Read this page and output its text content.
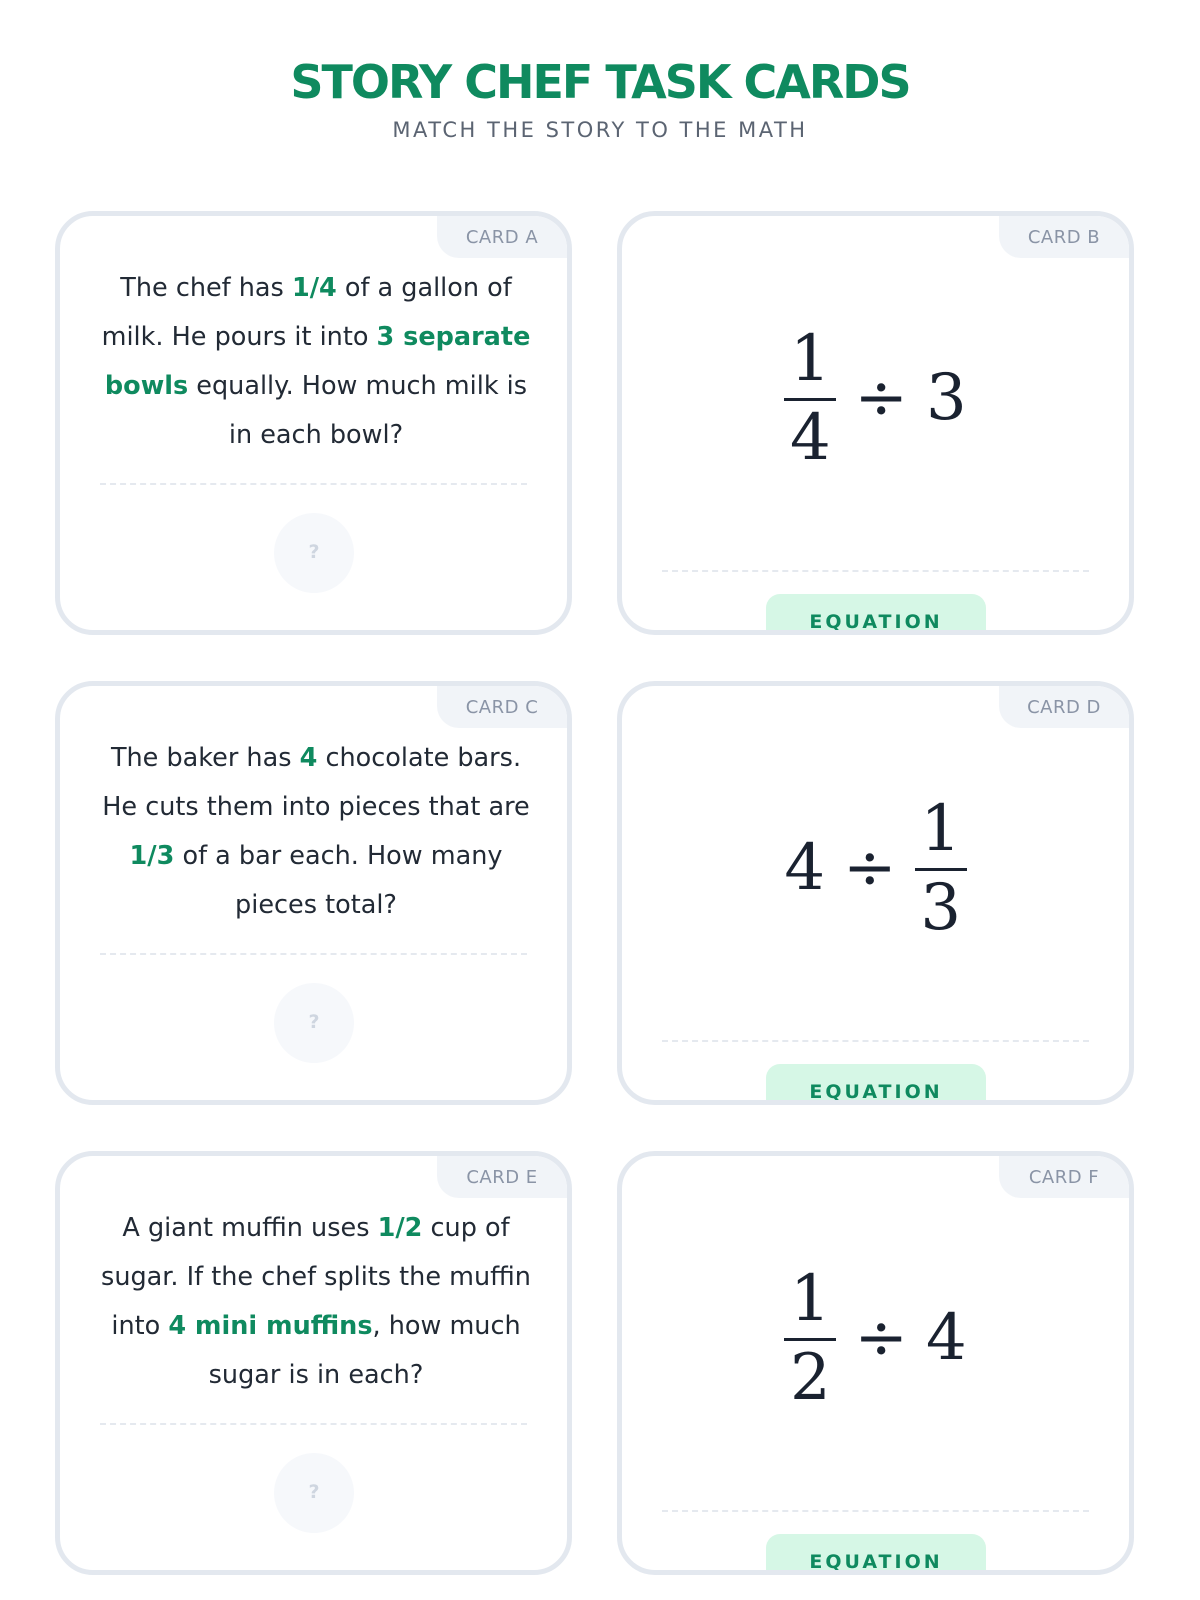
STORY CHEF TASK CARDS
MATCH THE STORY TO THE MATH
CARD A
The chef has 1/4 of a gallon of milk. He pours it into 3 separate bowls equally. How much milk is in each bowl?
?
CARD B
$\frac{1}{4} \div 3$
EQUATION
CARD C
The baker has 4 chocolate bars. He cuts them into pieces that are 1/3 of a bar each. How many pieces total?
?
CARD D
$4 \div \frac{1}{3}$
EQUATION
CARD E
A giant muffin uses 1/2 cup of sugar. If the chef splits the muffin into 4 mini muffins, how much sugar is in each?
?
CARD F
$\frac{1}{2} \div 4$
EQUATION
